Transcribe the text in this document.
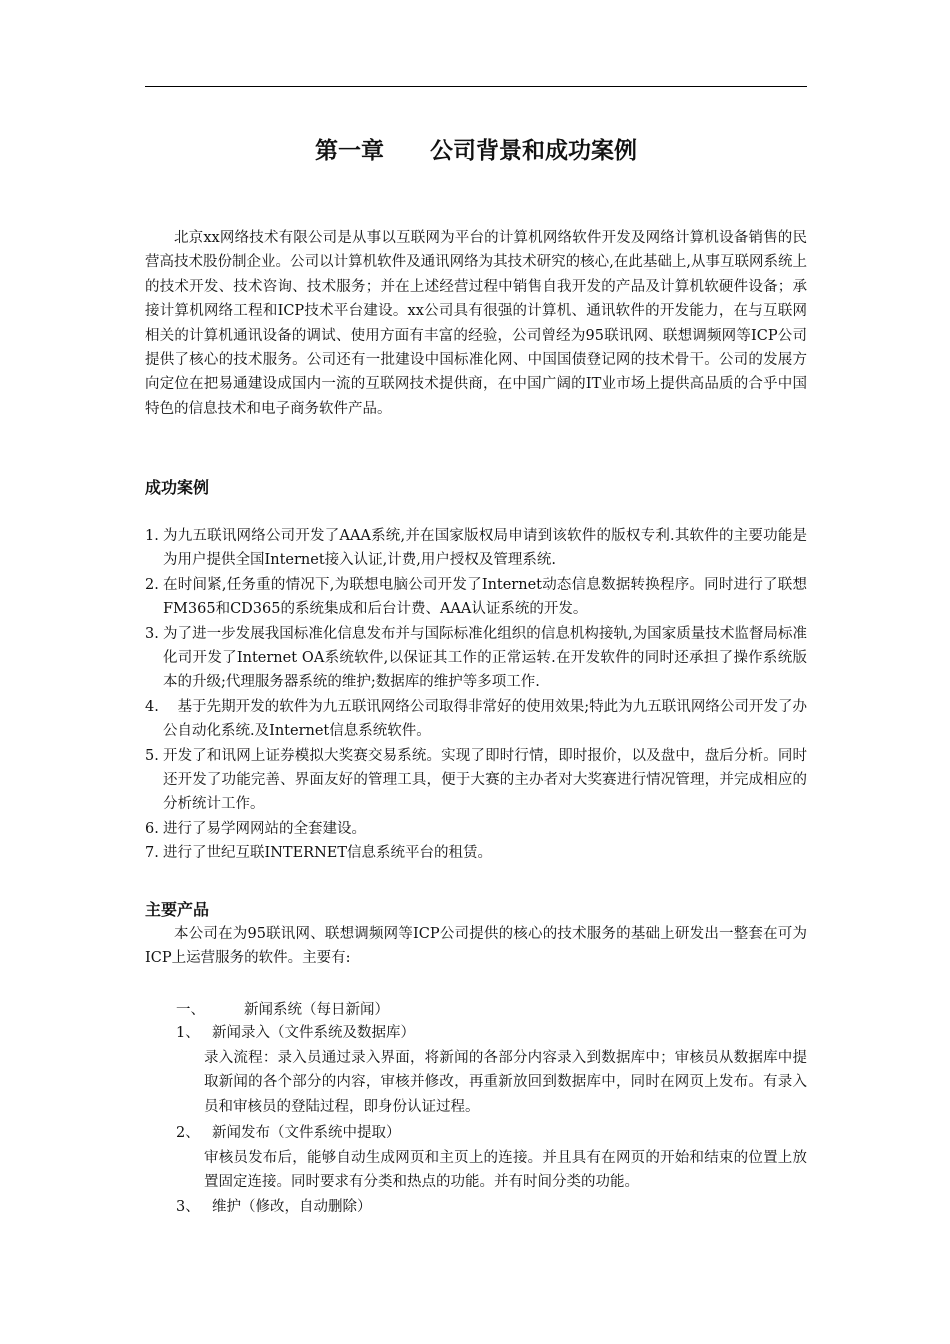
第一章  公司背景和成功案例
北京xx网络技术有限公司是从事以互联网为平台的计算机网络软件开发及网络计算机设备销售的民营高技术股份制企业。公司以计算机软件及通讯网络为其技术研究的核心,在此基础上,从事互联网系统上的技术开发、技术咨询、技术服务；并在上述经营过程中销售自我开发的产品及计算机软硬件设备；承接计算机网络工程和ICP技术平台建设。xx公司具有很强的计算机、通讯软件的开发能力，在与互联网相关的计算机通讯设备的调试、使用方面有丰富的经验，公司曾经为95联讯网、联想调频网等ICP公司提供了核心的技术服务。公司还有一批建设中国标准化网、中国国债登记网的技术骨干。公司的发展方向定位在把易通建设成国内一流的互联网技术提供商，在中国广阔的IT业市场上提供高品质的合乎中国特色的信息技术和电子商务软件产品。
成功案例
1. 为九五联讯网络公司开发了AAA系统,并在国家版权局申请到该软件的版权专利.其软件的主要功能是为用户提供全国Internet接入认证,计费,用户授权及管理系统.
2. 在时间紧,任务重的情况下,为联想电脑公司开发了Internet动态信息数据转换程序。同时进行了联想FM365和CD365的系统集成和后台计费、AAA认证系统的开发。
3. 为了进一步发展我国标准化信息发布并与国际标准化组织的信息机构接轨,为国家质量技术监督局标准化司开发了Internet OA系统软件,以保证其工作的正常运转.在开发软件的同时还承担了操作系统版本的升级;代理服务器系统的维护;数据库的维护等多项工作.
4.  基于先期开发的软件为九五联讯网络公司取得非常好的使用效果;特此为九五联讯网络公司开发了办公自动化系统.及Internet信息系统软件。
5. 开发了和讯网上证券模拟大奖赛交易系统。实现了即时行情，即时报价，以及盘中，盘后分析。同时还开发了功能完善、界面友好的管理工具，便于大赛的主办者对大奖赛进行情况管理，并完成相应的分析统计工作。
6. 进行了易学网网站的全套建设。
7. 进行了世纪互联INTERNET信息系统平台的租赁。
主要产品
本公司在为95联讯网、联想调频网等ICP公司提供的核心的技术服务的基础上研发出一整套在可为ICP上运营服务的软件。主要有:
一、	新闻系统（每日新闻）
1、 新闻录入（文件系统及数据库）
录入流程：录入员通过录入界面，将新闻的各部分内容录入到数据库中；审核员从数据库中提取新闻的各个部分的内容，审核并修改，再重新放回到数据库中，同时在网页上发布。有录入员和审核员的登陆过程，即身份认证过程。
2、 新闻发布（文件系统中提取）
审核员发布后，能够自动生成网页和主页上的连接。并且具有在网页的开始和结束的位置上放置固定连接。同时要求有分类和热点的功能。并有时间分类的功能。
3、 维护（修改，自动删除）
